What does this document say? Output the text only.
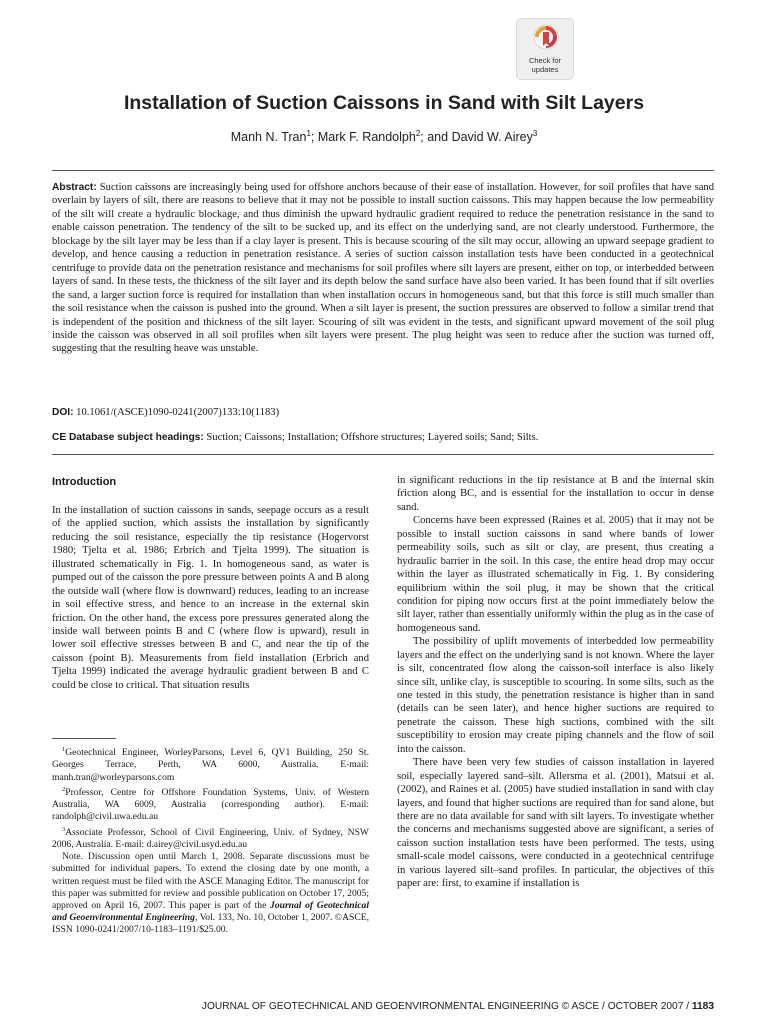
Check for
updates
Installation of Suction Caissons in Sand with Silt Layers
Manh N. Tran$^1$; Mark F. Randolph$^2$; and David W. Airey$^3$
Abstract: Suction caissons are increasingly being used for offshore anchors because of their ease of installation. However, for soil profiles that have sand overlain by layers of silt, there are reasons to believe that it may not be possible to install suction caissons. This may happen because the low permeability of the silt will create a hydraulic blockage, and thus diminish the upward hydraulic gradient required to reduce the penetration resistance in the sand to enable caisson penetration. The tendency of the silt to be sucked up, and its effect on the underlying sand, are not clearly understood. Furthermore, the blockage by the silt layer may be less than if a clay layer is present. This is because scouring of the silt may occur, allowing an upward seepage gradient to develop, and hence causing a reduction in penetration resistance. A series of suction caisson installation tests have been conducted in a geotechnical centrifuge to provide data on the penetration resistance and mechanisms for soil profiles where silt layers are present, either on top, or interbedded between layers of sand. In these tests, the thickness of the silt layer and its depth below the sand surface have also been varied. It has been found that if silt overlies the sand, a larger suction force is required for installation than when installation occurs in homogeneous sand, but that this force is still much smaller than the soil resistance when the caisson is pushed into the ground. When a silt layer is present, the suction pressures are observed to follow a similar trend that is independent of the position and thickness of the silt layer. Scouring of silt was evident in the tests, and significant upward movement of the soil plug inside the caisson was observed in all soil profiles when silt layers were present. The plug height was seen to reduce after the suction was turned off, suggesting that the resulting heave was unstable.
DOI: 10.1061/(ASCE)1090-0241(2007)133:10(1183)
CE Database subject headings: Suction; Caissons; Installation; Offshore structures; Layered soils; Sand; Silts.
Introduction

In the installation of suction caissons in sands, seepage occurs as a result of the applied suction, which assists the installation by significantly reducing the soil resistance, especially the tip resistance (Hogervorst 1980; Tjelta et al. 1986; Erbrich and Tjelta 1999). The situation is illustrated schematically in Fig. 1. In homogeneous sand, as water is pumped out of the caisson the pore pressure between points A and B along the outside wall (where flow is downward) reduces, leading to an increase in soil effective stress, and hence to an increase in the external skin friction. On the other hand, the excess pore pressures generated along the inside wall between points B and C (where flow is upward), result in lower soil effective stresses between B and C, and near the tip of the caisson (point B). Measurements from field installation (Erbrich and Tjelta 1999) indicated the average hydraulic gradient between B and C could be close to critical. That situation results

$^1$Geotechnical Engineer, WorleyParsons, Level 6, QV1 Building, 250 St. Georges Terrace, Perth, WA 6000, Australia. E-mail: manh.tran@worleyparsons.com

$^2$Professor, Centre for Offshore Foundation Systems, Univ. of Western Australia, WA 6009, Australia (corresponding author). E-mail: randolph@civil.uwa.edu.au

$^3$Associate Professor, School of Civil Engineering, Univ. of Sydney, NSW 2006, Australia. E-mail: d.airey@civil.usyd.edu.au

Note. Discussion open until March 1, 2008. Separate discussions must be submitted for individual papers. To extend the closing date by one month, a written request must be filed with the ASCE Managing Editor. The manuscript for this paper was submitted for review and possible publication on October 17, 2005; approved on April 16, 2007. This paper is part of the Journal of Geotechnical and Geoenvironmental Engineering, Vol. 133, No. 10, October 1, 2007. ©ASCE, ISSN 1090-0241/2007/10-1183–1191/$25.00.

in significant reductions in the tip resistance at B and the internal skin friction along BC, and is essential for the installation to occur in dense sand.

Concerns have been expressed (Raines et al. 2005) that it may not be possible to install suction caissons in sand where bands of lower permeability soils, such as silt or clay, are present, thus creating a hydraulic barrier in the soil. In this case, the entire head drop may occur within the layer as illustrated schematically in Fig. 1. By considering equilibrium within the soil plug, it may be shown that the critical condition for piping now occurs first at the point immediately below the silt layer, rather than essentially uniformly within the plug as in the case of homogeneous sand.

The possibility of uplift movements of interbedded low permeability layers and the effect on the underlying sand is not known. Where the layer is silt, concentrated flow along the caisson-soil interface is also likely since silt, unlike clay, is susceptible to scouring. In some silts, such as the one tested in this study, the penetration resistance is higher than in sand (details can be seen later), and hence higher suctions are required to penetrate the caisson. These high suctions, combined with the silt susceptibility to erosion may create piping channels and the flow of soil into the caisson.

There have been very few studies of caisson installation in layered soil, especially layered sand–silt. Allersma et al. (2001), Matsui et al. (2002), and Raines et al. (2005) have studied installation in sand with clay layers, and found that higher suctions are required than for sand alone, but there are no data available for sand with silt layers. To investigate whether the concerns and mechanisms suggested above are significant, a series of caisson suction installation tests have been performed. The tests, using small-scale model caissons, were conducted in a geotechnical centrifuge in various layered silt–sand profiles. In particular, the objectives of this paper are: first, to examine if installation is

JOURNAL OF GEOTECHNICAL AND GEOENVIRONMENTAL ENGINEERING © ASCE / OCTOBER 2007 / 1183
